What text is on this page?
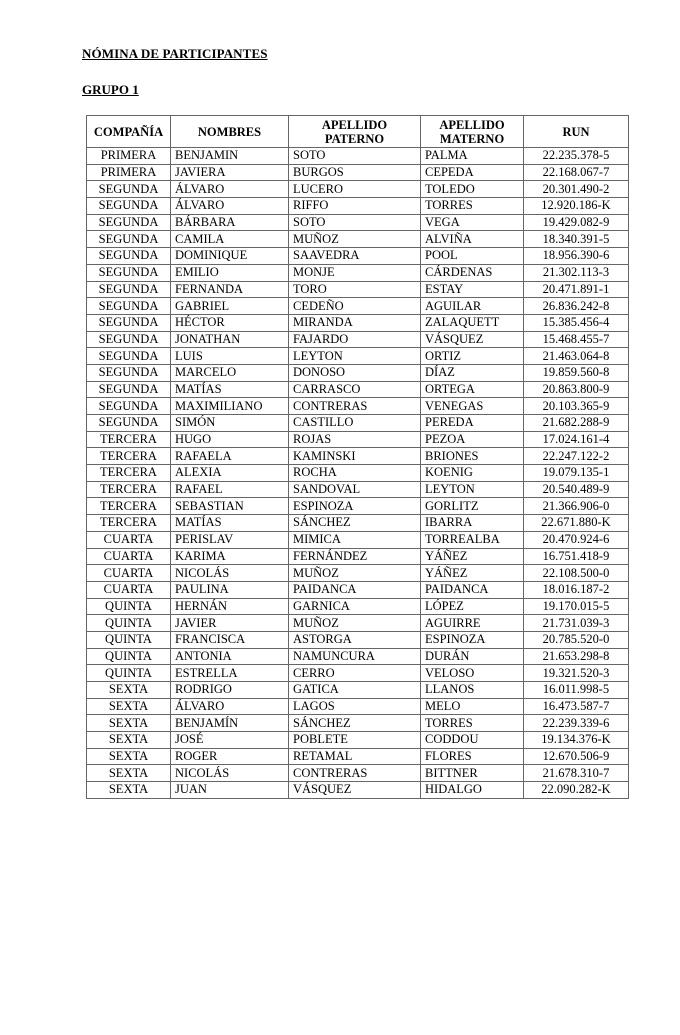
NÓMINA DE PARTICIPANTES
GRUPO 1
COMPAÑÍA	NOMBRES	APELLIDO PATERNO	APELLIDO MATERNO	RUN
PRIMERA	BENJAMIN	SOTO	PALMA	22.235.378-5
PRIMERA	JAVIERA	BURGOS	CEPEDA	22.168.067-7
SEGUNDA	ÁLVARO	LUCERO	TOLEDO	20.301.490-2
SEGUNDA	ÁLVARO	RIFFO	TORRES	12.920.186-K
SEGUNDA	BÁRBARA	SOTO	VEGA	19.429.082-9
SEGUNDA	CAMILA	MUÑOZ	ALVIÑA	18.340.391-5
SEGUNDA	DOMINIQUE	SAAVEDRA	POOL	18.956.390-6
SEGUNDA	EMILIO	MONJE	CÁRDENAS	21.302.113-3
SEGUNDA	FERNANDA	TORO	ESTAY	20.471.891-1
SEGUNDA	GABRIEL	CEDEÑO	AGUILAR	26.836.242-8
SEGUNDA	HÉCTOR	MIRANDA	ZALAQUETT	15.385.456-4
SEGUNDA	JONATHAN	FAJARDO	VÁSQUEZ	15.468.455-7
SEGUNDA	LUIS	LEYTON	ORTIZ	21.463.064-8
SEGUNDA	MARCELO	DONOSO	DÍAZ	19.859.560-8
SEGUNDA	MATÍAS	CARRASCO	ORTEGA	20.863.800-9
SEGUNDA	MAXIMILIANO	CONTRERAS	VENEGAS	20.103.365-9
SEGUNDA	SIMÓN	CASTILLO	PEREDA	21.682.288-9
TERCERA	HUGO	ROJAS	PEZOA	17.024.161-4
TERCERA	RAFAELA	KAMINSKI	BRIONES	22.247.122-2
TERCERA	ALEXIA	ROCHA	KOENIG	19.079.135-1
TERCERA	RAFAEL	SANDOVAL	LEYTON	20.540.489-9
TERCERA	SEBASTIAN	ESPINOZA	GORLITZ	21.366.906-0
TERCERA	MATÍAS	SÁNCHEZ	IBARRA	22.671.880-K
CUARTA	PERISLAV	MIMICA	TORREALBA	20.470.924-6
CUARTA	KARIMA	FERNÁNDEZ	YÁÑEZ	16.751.418-9
CUARTA	NICOLÁS	MUÑOZ	YÁÑEZ	22.108.500-0
CUARTA	PAULINA	PAIDANCA	PAIDANCA	18.016.187-2
QUINTA	HERNÁN	GARNICA	LÓPEZ	19.170.015-5
QUINTA	JAVIER	MUÑOZ	AGUIRRE	21.731.039-3
QUINTA	FRANCISCA	ASTORGA	ESPINOZA	20.785.520-0
QUINTA	ANTONIA	NAMUNCURA	DURÁN	21.653.298-8
QUINTA	ESTRELLA	CERRO	VELOSO	19.321.520-3
SEXTA	RODRIGO	GATICA	LLANOS	16.011.998-5
SEXTA	ÁLVARO	LAGOS	MELO	16.473.587-7
SEXTA	BENJAMÍN	SÁNCHEZ	TORRES	22.239.339-6
SEXTA	JOSÉ	POBLETE	CODDOU	19.134.376-K
SEXTA	ROGER	RETAMAL	FLORES	12.670.506-9
SEXTA	NICOLÁS	CONTRERAS	BITTNER	21.678.310-7
SEXTA	JUAN	VÁSQUEZ	HIDALGO	22.090.282-K
